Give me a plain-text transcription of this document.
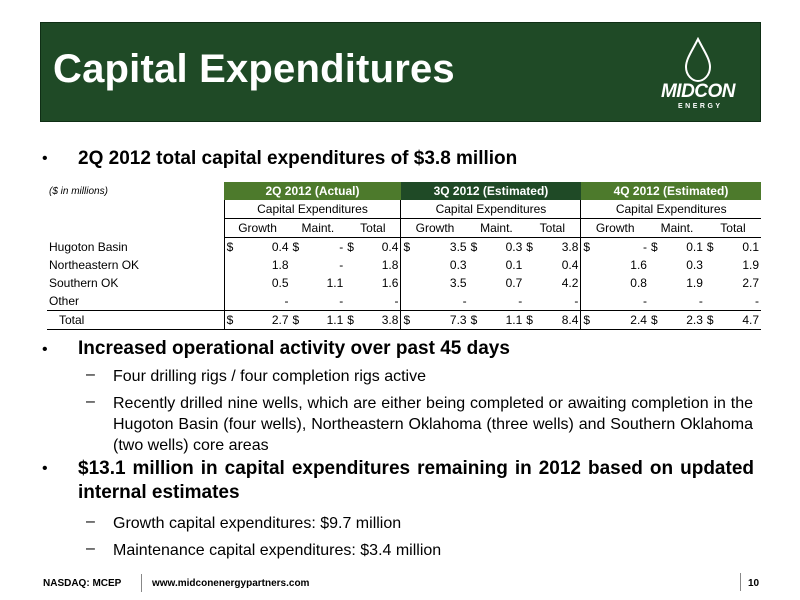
Capital Expenditures
MIDCON
ENERGY
• 2Q 2012 total capital expenditures of $3.8 million
($ in millions)	2Q 2012 (Actual)						3Q 2012 (Estimated)						4Q 2012 (Estimated)					
	Capital Expenditures						Capital Expenditures						Capital Expenditures					
	Growth		Maint.		Total		Growth		Maint.		Total		Growth		Maint.		Total	
Hugoton Basin	$	0.4	$	-	$	0.4	$	3.5	$	0.3	$	3.8	$	-	$	0.1	$	0.1
Northeastern OK		1.8		-		1.8		0.3		0.1		0.4		1.6		0.3		1.9
Southern OK		0.5		1.1		1.6		3.5		0.7		4.2		0.8		1.9		2.7
Other		-		-		-		-		-		-		-		-		-
Total	$	2.7	$	1.1	$	3.8	$	7.3	$	1.1	$	8.4	$	2.4	$	2.3	$	4.7
• Increased operational activity over past 45 days
– Four drilling rigs / four completion rigs active
– Recently drilled nine wells, which are either being completed or awaiting completion in the Hugoton Basin (four wells), Northeastern Oklahoma (three wells) and Southern Oklahoma (two wells) core areas
• $13.1 million in capital expenditures remaining in 2012 based on updated internal estimates
– Growth capital expenditures: $9.7 million
– Maintenance capital expenditures: $3.4 million
NASDAQ: MCEP	www.midconenergypartners.com	10
